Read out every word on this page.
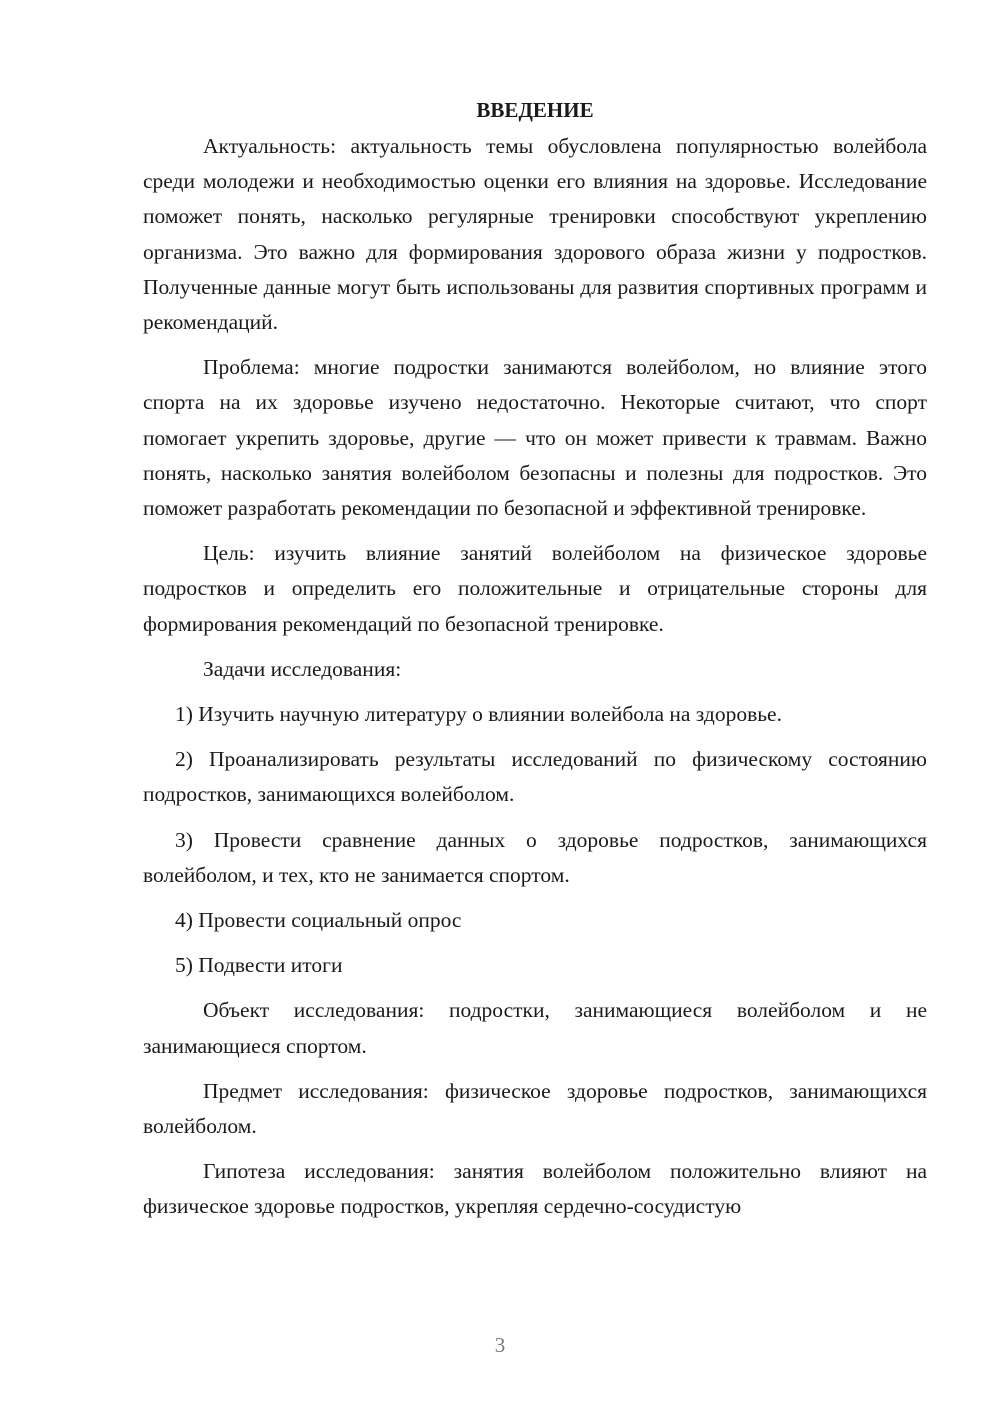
ВВЕДЕНИЕ

Актуальность: актуальность темы обусловлена популярностью волейбола среди молодежи и необходимостью оценки его влияния на здоровье. Исследование поможет понять, насколько регулярные тренировки способствуют укреплению организма. Это важно для формирования здорового образа жизни у подростков. Полученные данные могут быть использованы для развития спортивных программ и рекомендаций.

Проблема: многие подростки занимаются волейболом, но влияние этого спорта на их здоровье изучено недостаточно. Некоторые считают, что спорт помогает укрепить здоровье, другие — что он может привести к травмам. Важно понять, насколько занятия волейболом безопасны и полезны для подростков. Это поможет разработать рекомендации по безопасной и эффективной тренировке.

Цель: изучить влияние занятий волейболом на физическое здоровье подростков и определить его положительные и отрицательные стороны для формирования рекомендаций по безопасной тренировке.

Задачи исследования:

1) Изучить научную литературу о влиянии волейбола на здоровье.

2) Проанализировать результаты исследований по физическому состоянию подростков, занимающихся волейболом.

3) Провести сравнение данных о здоровье подростков, занимающихся волейболом, и тех, кто не занимается спортом.

4) Провести социальный опрос

5) Подвести итоги

Объект исследования: подростки, занимающиеся волейболом и не занимающиеся спортом.

Предмет исследования: физическое здоровье подростков, занимающихся волейболом.

Гипотеза исследования: занятия волейболом положительно влияют на физическое здоровье подростков, укрепляя сердечно-сосудистую

3
